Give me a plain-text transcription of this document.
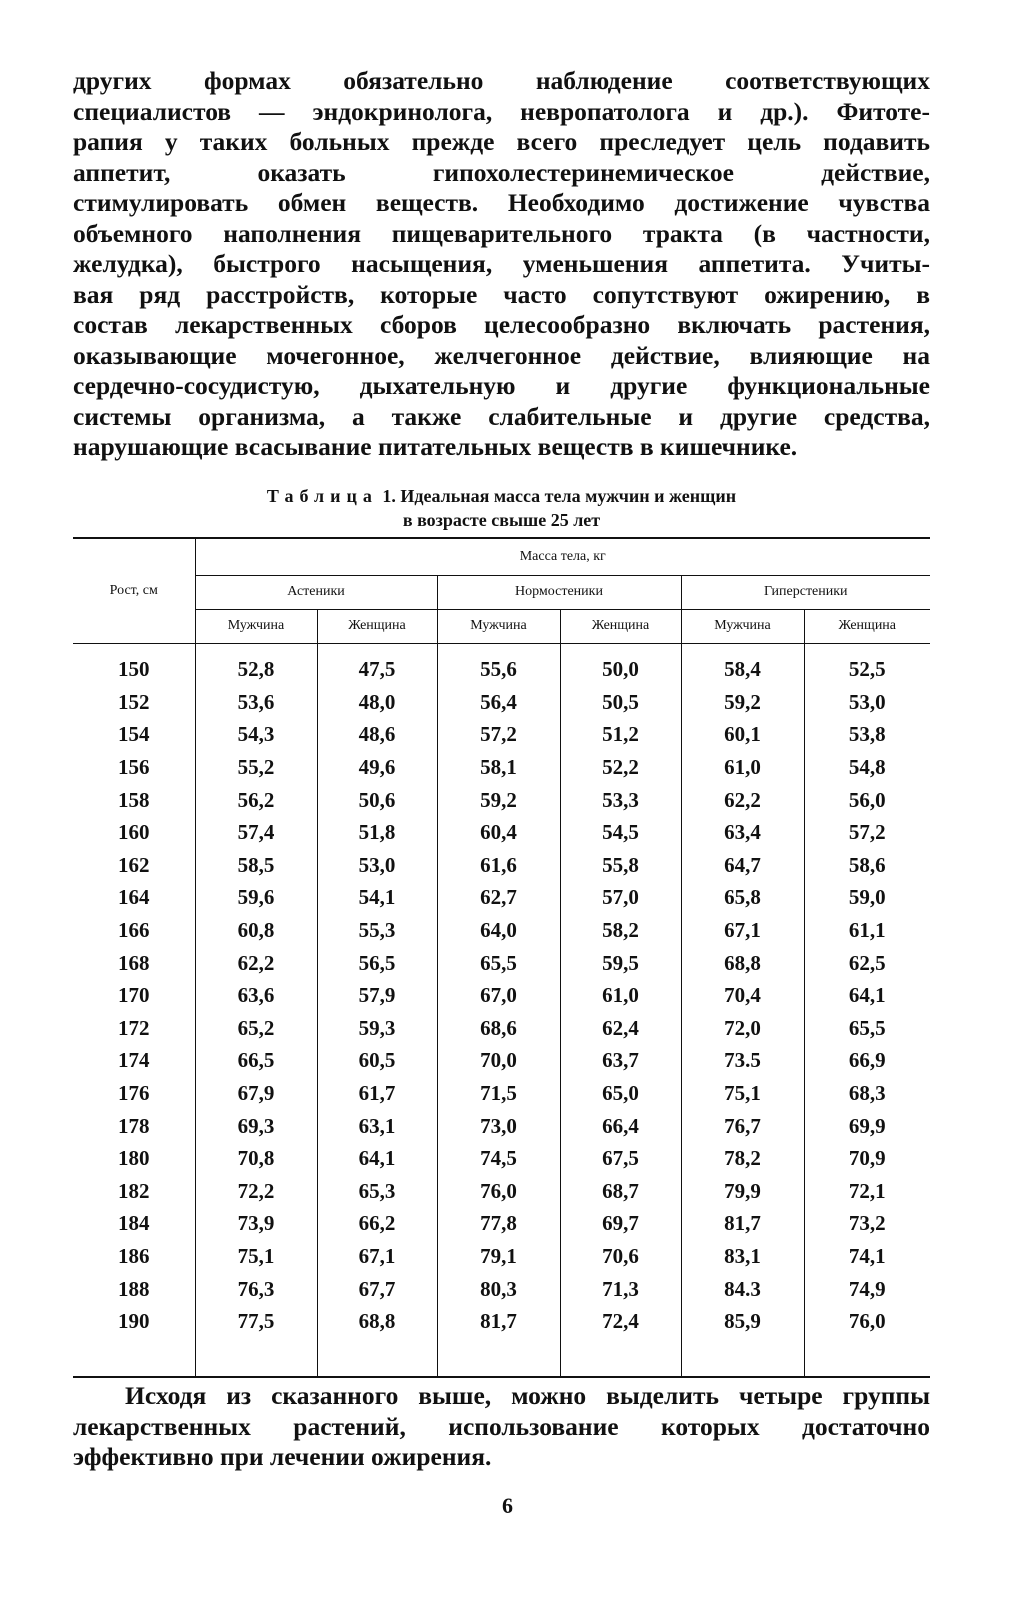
других формах обязательно наблюдение соответствующих
специалистов — эндокринолога, невропатолога и др.). Фитоте-
рапия у таких больных прежде всего преследует цель подавить
аппетит, оказать гипохолестеринемическое действие,
стимулировать обмен веществ. Необходимо достижение чувства
объемного наполнения пищеварительного тракта (в частности,
желудка), быстрого насыщения, уменьшения аппетита. Учиты-
вая ряд расстройств, которые часто сопутствуют ожирению, в
состав лекарственных сборов целесообразно включать растения,
оказывающие мочегонное, желчегонное действие, влияющие на
сердечно-сосудистую, дыхательную и другие функциональные
системы организма, а также слабительные и другие средства,
нарушающие всасывание питательных веществ в кишечнике.
Таблица 1. Идеальная масса тела мужчин и женщин
в возрасте свыше 25 лет
Рост, см	Масса тела, кг					
	Астеники		Нормостеники		Гиперстеники	
	Мужчина	Женщина	Мужчина	Женщина	Мужчина	Женщина
150	52,8	47,5	55,6	50,0	58,4	52,5
152	53,6	48,0	56,4	50,5	59,2	53,0
154	54,3	48,6	57,2	51,2	60,1	53,8
156	55,2	49,6	58,1	52,2	61,0	54,8
158	56,2	50,6	59,2	53,3	62,2	56,0
160	57,4	51,8	60,4	54,5	63,4	57,2
162	58,5	53,0	61,6	55,8	64,7	58,6
164	59,6	54,1	62,7	57,0	65,8	59,0
166	60,8	55,3	64,0	58,2	67,1	61,1
168	62,2	56,5	65,5	59,5	68,8	62,5
170	63,6	57,9	67,0	61,0	70,4	64,1
172	65,2	59,3	68,6	62,4	72,0	65,5
174	66,5	60,5	70,0	63,7	73.5	66,9
176	67,9	61,7	71,5	65,0	75,1	68,3
178	69,3	63,1	73,0	66,4	76,7	69,9
180	70,8	64,1	74,5	67,5	78,2	70,9
182	72,2	65,3	76,0	68,7	79,9	72,1
184	73,9	66,2	77,8	69,7	81,7	73,2
186	75,1	67,1	79,1	70,6	83,1	74,1
188	76,3	67,7	80,3	71,3	84.3	74,9
190	77,5	68,8	81,7	72,4	85,9	76,0

Исходя из сказанного выше, можно выделить четыре группы
лекарственных растений, использование которых достаточно
эффективно при лечении ожирения.
6
